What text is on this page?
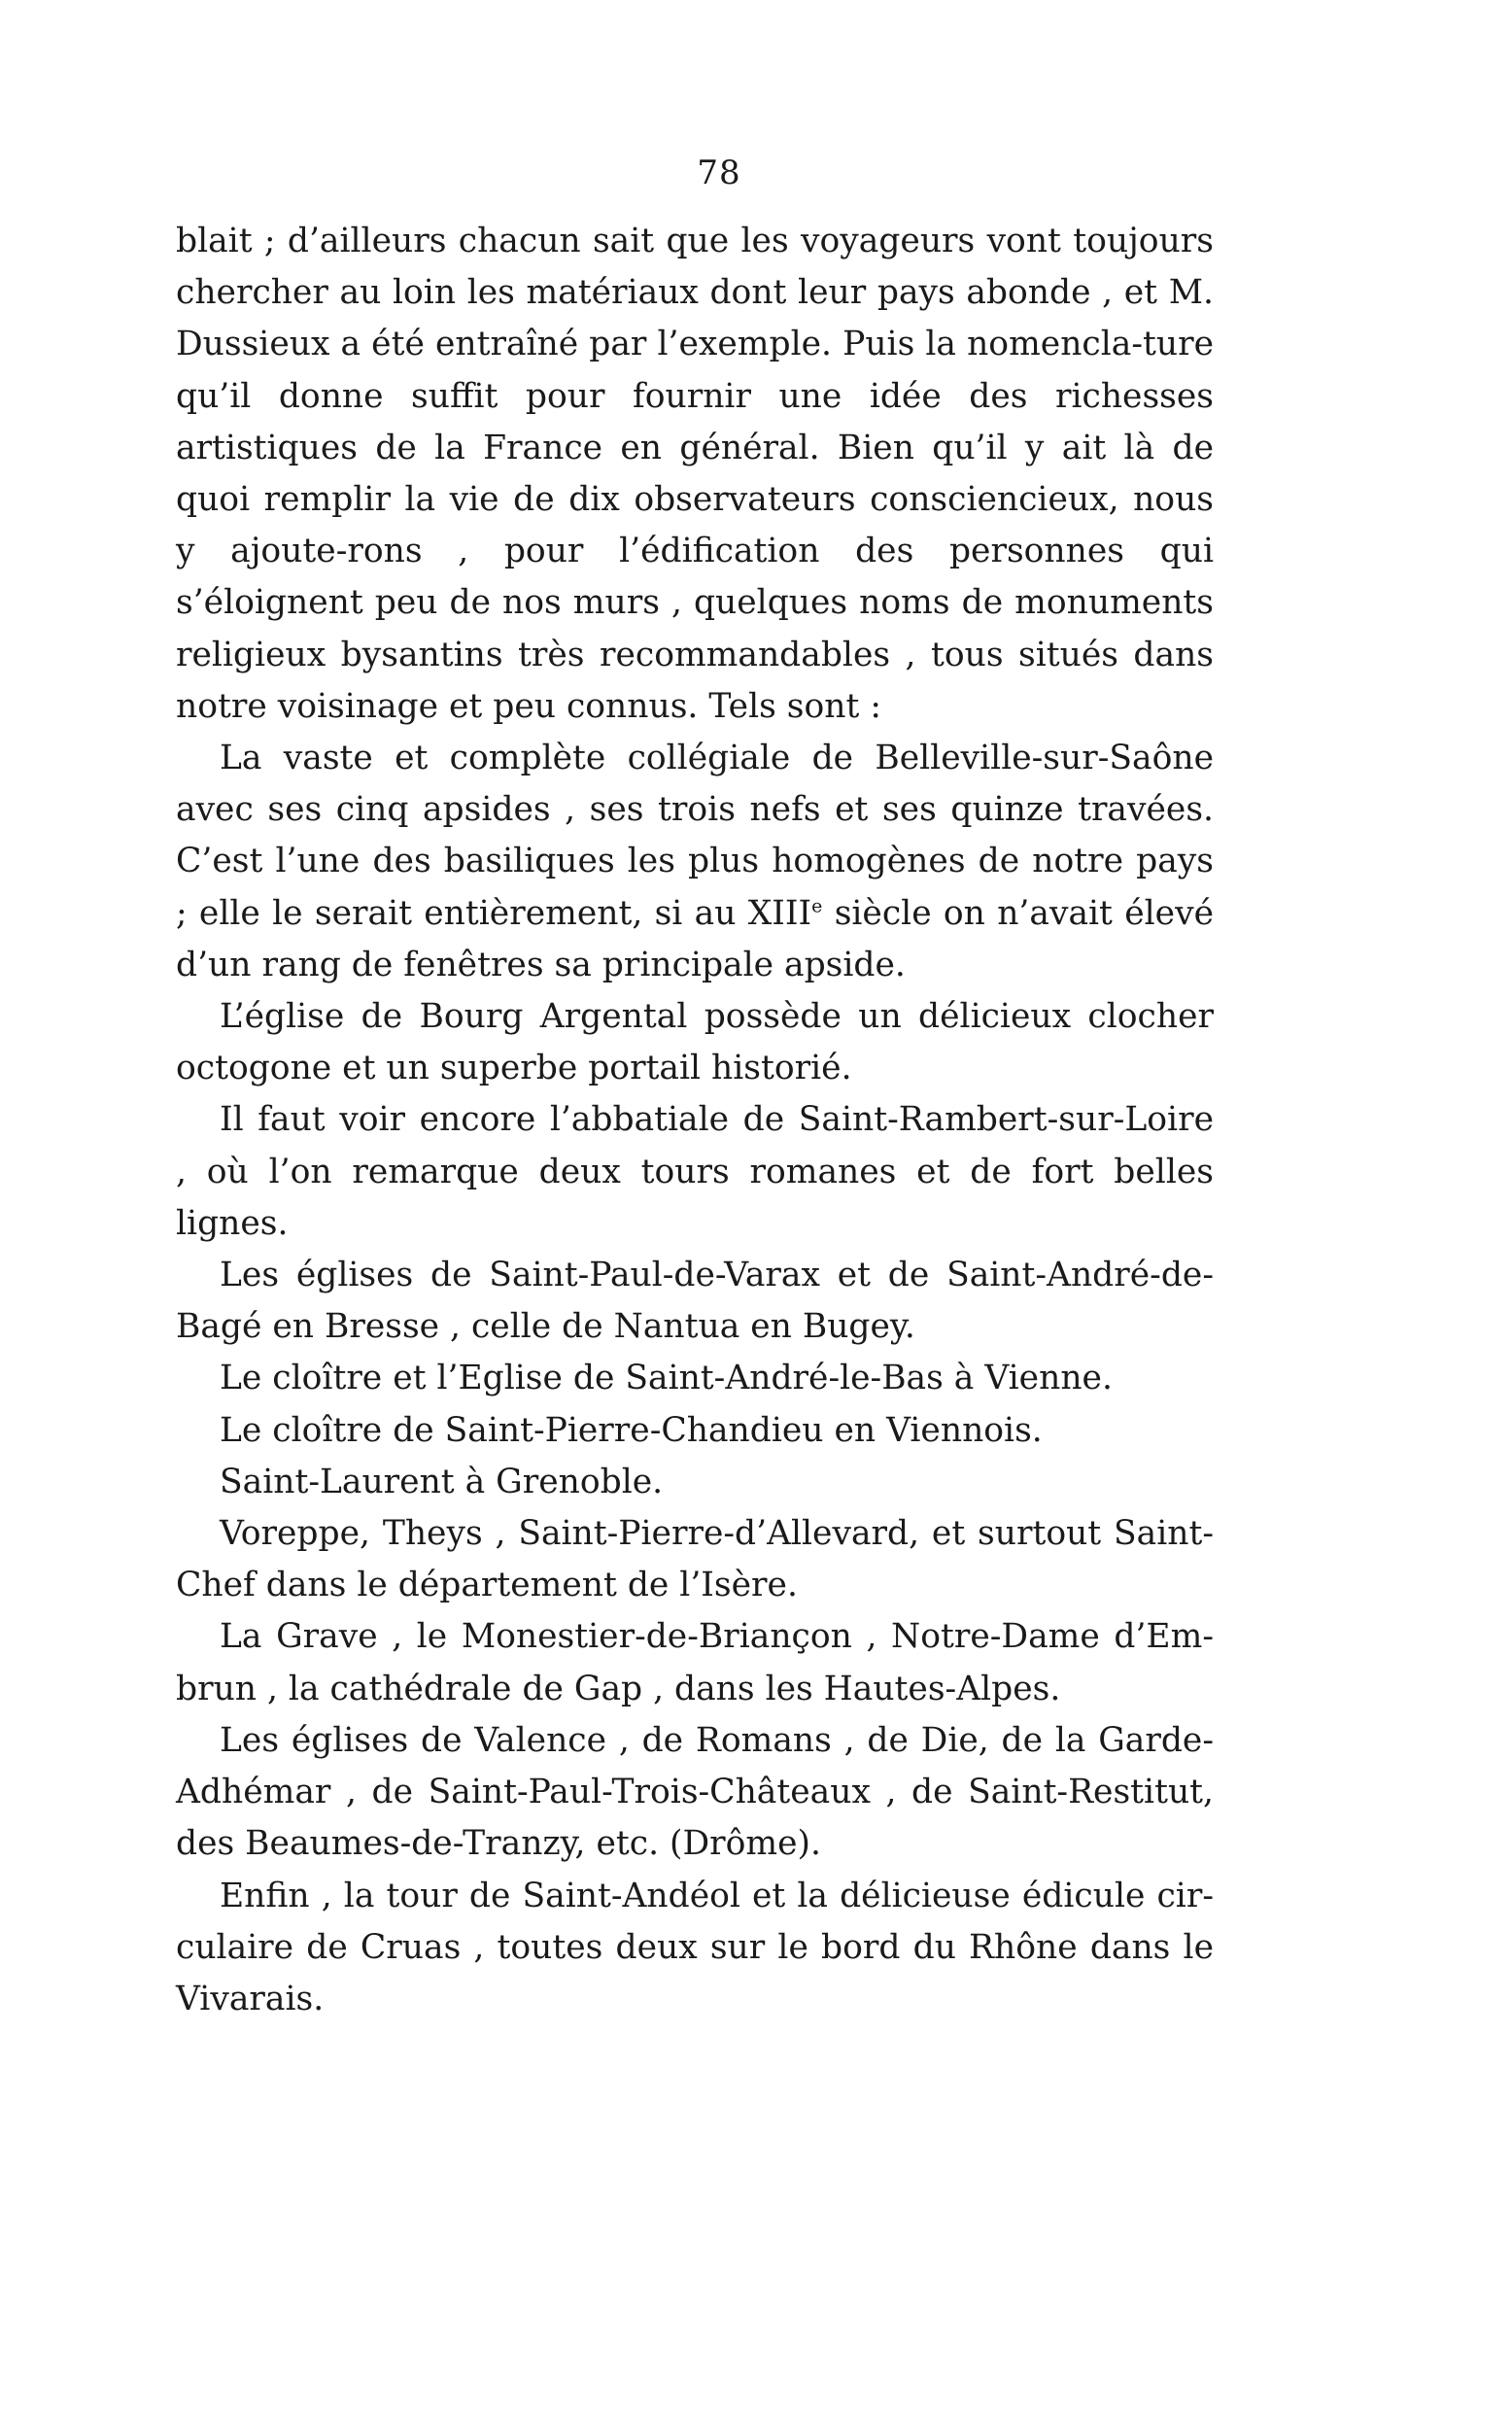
78

blait ; d’ailleurs chacun sait que les voyageurs vont toujours chercher au loin les matériaux dont leur pays abonde , et M. Dussieux a été entraîné par l’exemple. Puis la nomencla-ture qu’il donne suffit pour fournir une idée des richesses artistiques de la France en général. Bien qu’il y ait là de quoi remplir la vie de dix observateurs consciencieux, nous y ajoute-rons , pour l’édification des personnes qui s’éloignent peu de nos murs , quelques noms de monuments religieux bysantins très recommandables , tous situés dans notre voisinage et peu connus. Tels sont :

La vaste et complète collégiale de Belleville-sur-Saône avec ses cinq apsides , ses trois nefs et ses quinze travées. C’est l’une des basiliques les plus homogènes de notre pays ; elle le serait entièrement, si au XIIIe siècle on n’avait élevé d’un rang de fenêtres sa principale apside.

L’église de Bourg Argental possède un délicieux clocher octogone et un superbe portail historié.

Il faut voir encore l’abbatiale de Saint-Rambert-sur-Loire , où l’on remarque deux tours romanes et de fort belles lignes.

Les églises de Saint-Paul-de-Varax et de Saint-André-de-Bagé en Bresse , celle de Nantua en Bugey.

Le cloître et l’Eglise de Saint-André-le-Bas à Vienne.

Le cloître de Saint-Pierre-Chandieu en Viennois.

Saint-Laurent à Grenoble.

Voreppe, Theys , Saint-Pierre-d’Allevard, et surtout Saint-Chef dans le département de l’Isère.

La Grave , le Monestier-de-Briançon , Notre-Dame d’Em-brun , la cathédrale de Gap , dans les Hautes-Alpes.

Les églises de Valence , de Romans , de Die, de la Garde-Adhémar , de Saint-Paul-Trois-Châteaux , de Saint-Restitut, des Beaumes-de-Tranzy, etc. (Drôme).

Enfin , la tour de Saint-Andéol et la délicieuse édicule cir-culaire de Cruas , toutes deux sur le bord du Rhône dans le Vivarais.
